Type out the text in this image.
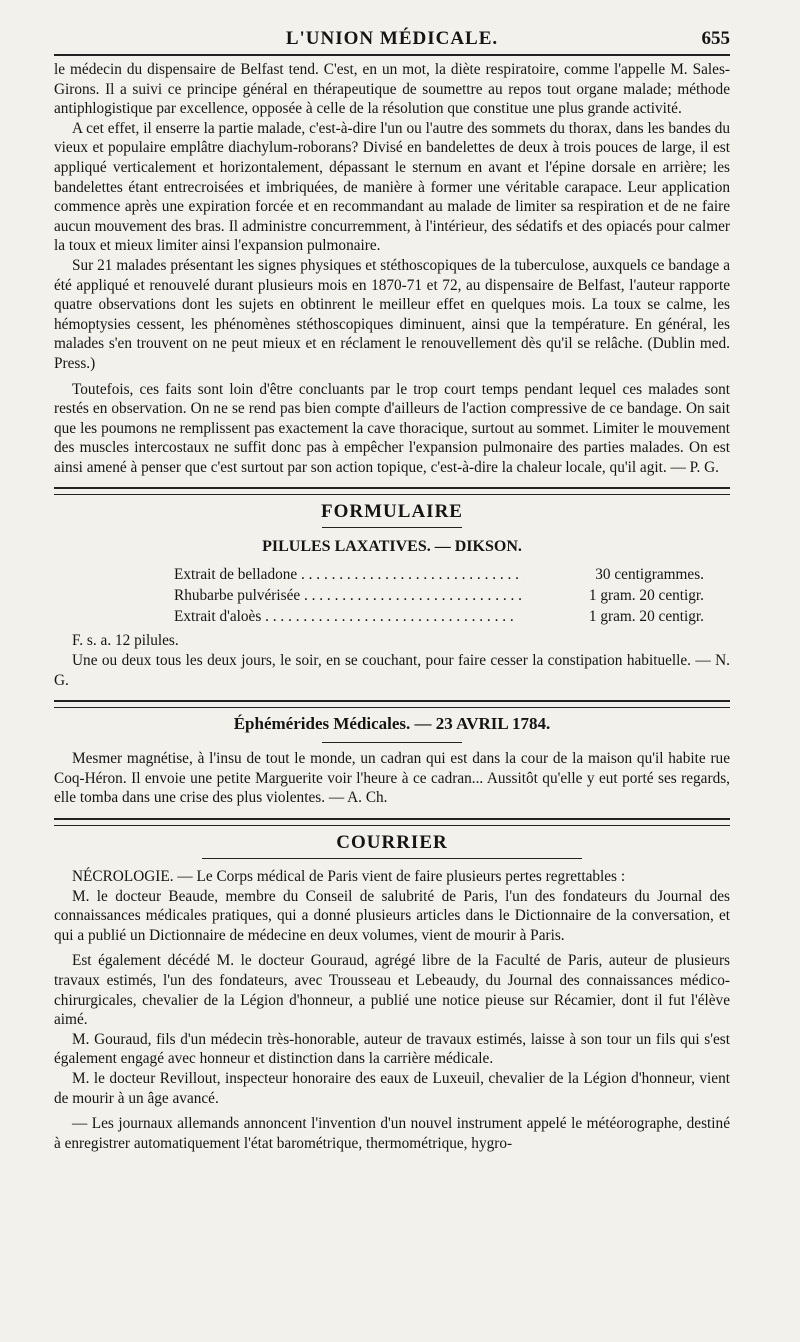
L'UNION MÉDICALE.	655

le médecin du dispensaire de Belfast tend. C'est, en un mot, la diète respiratoire, comme l'appelle M. Sales-Girons. Il a suivi ce principe général en thérapeutique de soumettre au repos tout organe malade; méthode antiphlogistique par excellence, opposée à celle de la résolution que constitue une plus grande activité.

A cet effet, il enserre la partie malade, c'est-à-dire l'un ou l'autre des sommets du thorax, dans les bandes du vieux et populaire emplâtre diachylum-roborans? Divisé en bandelettes de deux à trois pouces de large, il est appliqué verticalement et horizontalement, dépassant le sternum en avant et l'épine dorsale en arrière; les bandelettes étant entrecroisées et imbriquées, de manière à former une véritable carapace. Leur application commence après une expiration forcée et en recommandant au malade de limiter sa respiration et de ne faire aucun mouvement des bras. Il administre concurremment, à l'intérieur, des sédatifs et des opiacés pour calmer la toux et mieux limiter ainsi l'expansion pulmonaire.

Sur 21 malades présentant les signes physiques et stéthoscopiques de la tuberculose, auxquels ce bandage a été appliqué et renouvelé durant plusieurs mois en 1870-71 et 72, au dispensaire de Belfast, l'auteur rapporte quatre observations dont les sujets en obtinrent le meilleur effet en quelques mois. La toux se calme, les hémoptysies cessent, les phénomènes stéthoscopiques diminuent, ainsi que la température. En général, les malades s'en trouvent on ne peut mieux et en réclament le renouvellement dès qu'il se relâche. (Dublin med. Press.)

Toutefois, ces faits sont loin d'être concluants par le trop court temps pendant lequel ces malades sont restés en observation. On ne se rend pas bien compte d'ailleurs de l'action compressive de ce bandage. On sait que les poumons ne remplissent pas exactement la cave thoracique, surtout au sommet. Limiter le mouvement des muscles intercostaux ne suffit donc pas à empêcher l'expansion pulmonaire des parties malades. On est ainsi amené à penser que c'est surtout par son action topique, c'est-à-dire la chaleur locale, qu'il agit. — P. G.

FORMULAIRE
PILULES LAXATIVES. — DIKSON.
Extrait de belladone . . .	30 centigrammes.
Rhubarbe pulvérisée . . .	1 gram. 20 centigr.
Extrait d'aloès . . .	1 gram. 20 centigr.

F. s. a. 12 pilules.

Une ou deux tous les deux jours, le soir, en se couchant, pour faire cesser la constipation habituelle. — N. G.

Éphémérides Médicales. — 23 AVRIL 1784.

Mesmer magnétise, à l'insu de tout le monde, un cadran qui est dans la cour de la maison qu'il habite rue Coq-Héron. Il envoie une petite Marguerite voir l'heure à ce cadran... Aussitôt qu'elle y eut porté ses regards, elle tomba dans une crise des plus violentes. — A. Ch.

COURRIER

NÉCROLOGIE. — Le Corps médical de Paris vient de faire plusieurs pertes regrettables :

M. le docteur Beaude, membre du Conseil de salubrité de Paris, l'un des fondateurs du Journal des connaissances médicales pratiques, qui a donné plusieurs articles dans le Dictionnaire de la conversation, et qui a publié un Dictionnaire de médecine en deux volumes, vient de mourir à Paris.

Est également décédé M. le docteur Gouraud, agrégé libre de la Faculté de Paris, auteur de plusieurs travaux estimés, l'un des fondateurs, avec Trousseau et Lebeaudy, du Journal des connaissances médico-chirurgicales, chevalier de la Légion d'honneur, a publié une notice pieuse sur Récamier, dont il fut l'élève aimé.

M. Gouraud, fils d'un médecin très-honorable, auteur de travaux estimés, laisse à son tour un fils qui s'est également engagé avec honneur et distinction dans la carrière médicale.

M. le docteur Revillout, inspecteur honoraire des eaux de Luxeuil, chevalier de la Légion d'honneur, vient de mourir à un âge avancé.

— Les journaux allemands annoncent l'invention d'un nouvel instrument appelé le météorographe, destiné à enregistrer automatiquement l'état barométrique, thermométrique, hygro-
